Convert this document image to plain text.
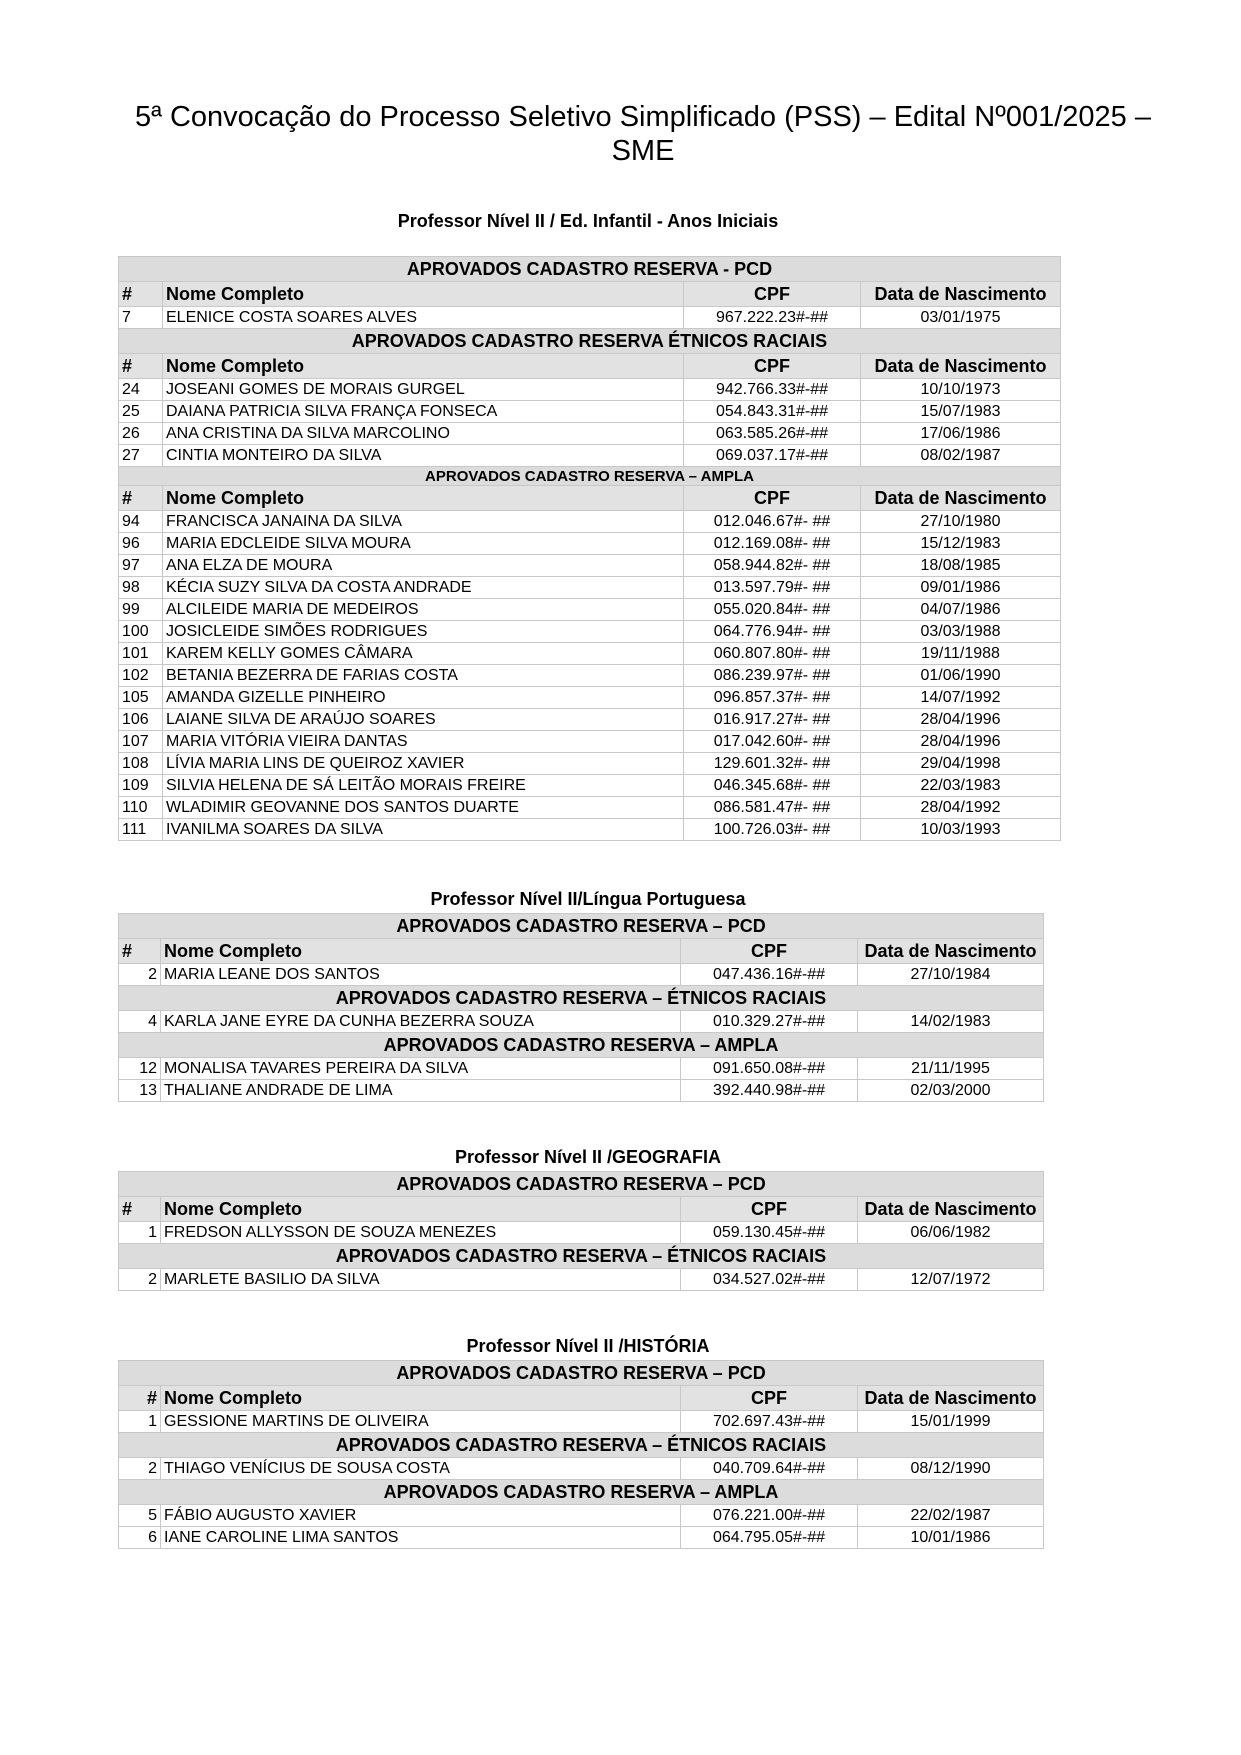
5ª Convocação do Processo Seletivo Simplificado (PSS) – Edital Nº001/2025 – SME
Professor Nível II / Ed. Infantil - Anos Iniciais
APROVADOS CADASTRO RESERVA - PCD			
#	Nome Completo	CPF	Data de Nascimento
7	ELENICE COSTA SOARES ALVES	967.222.23#-##	03/01/1975
APROVADOS CADASTRO RESERVA ÉTNICOS RACIAIS			
#	Nome Completo	CPF	Data de Nascimento
24	JOSEANI GOMES DE MORAIS GURGEL	942.766.33#-##	10/10/1973
25	DAIANA PATRICIA SILVA FRANÇA FONSECA	054.843.31#-##	15/07/1983
26	ANA CRISTINA DA SILVA MARCOLINO	063.585.26#-##	17/06/1986
27	CINTIA MONTEIRO DA SILVA	069.037.17#-##	08/02/1987
APROVADOS CADASTRO RESERVA – AMPLA			
#	Nome Completo	CPF	Data de Nascimento
94	FRANCISCA JANAINA DA SILVA	012.046.67#- ##	27/10/1980
96	MARIA EDCLEIDE SILVA MOURA	012.169.08#- ##	15/12/1983
97	ANA ELZA DE MOURA	058.944.82#- ##	18/08/1985
98	KÉCIA SUZY SILVA DA COSTA ANDRADE	013.597.79#- ##	09/01/1986
99	ALCILEIDE MARIA DE MEDEIROS	055.020.84#- ##	04/07/1986
100	JOSICLEIDE SIMÕES RODRIGUES	064.776.94#- ##	03/03/1988
101	KAREM KELLY GOMES CÂMARA	060.807.80#- ##	19/11/1988
102	BETANIA BEZERRA DE FARIAS COSTA	086.239.97#- ##	01/06/1990
105	AMANDA GIZELLE PINHEIRO	096.857.37#- ##	14/07/1992
106	LAIANE SILVA DE ARAÚJO SOARES	016.917.27#- ##	28/04/1996
107	MARIA VITÓRIA VIEIRA DANTAS	017.042.60#- ##	28/04/1996
108	LÍVIA MARIA LINS DE QUEIROZ XAVIER	129.601.32#- ##	29/04/1998
109	SILVIA HELENA DE SÁ LEITÃO MORAIS FREIRE	046.345.68#- ##	22/03/1983
110	WLADIMIR GEOVANNE DOS SANTOS DUARTE	086.581.47#- ##	28/04/1992
111	IVANILMA SOARES DA SILVA	100.726.03#- ##	10/03/1993
Professor Nível II/Língua Portuguesa
APROVADOS CADASTRO RESERVA – PCD			
#	Nome Completo	CPF	Data de Nascimento
2	MARIA LEANE DOS SANTOS	047.436.16#-##	27/10/1984
APROVADOS CADASTRO RESERVA – ÉTNICOS RACIAIS			
4	KARLA JANE EYRE DA CUNHA BEZERRA SOUZA	010.329.27#-##	14/02/1983
APROVADOS CADASTRO RESERVA – AMPLA			
12	MONALISA TAVARES PEREIRA DA SILVA	091.650.08#-##	21/11/1995
13	THALIANE ANDRADE DE LIMA	392.440.98#-##	02/03/2000
Professor Nível II /GEOGRAFIA
APROVADOS CADASTRO RESERVA – PCD			
#	Nome Completo	CPF	Data de Nascimento
1	FREDSON ALLYSSON DE SOUZA MENEZES	059.130.45#-##	06/06/1982
APROVADOS CADASTRO RESERVA – ÉTNICOS RACIAIS			
2	MARLETE BASILIO DA SILVA	034.527.02#-##	12/07/1972
Professor Nível II /HISTÓRIA
APROVADOS CADASTRO RESERVA – PCD			
#	Nome Completo	CPF	Data de Nascimento
1	GESSIONE MARTINS DE OLIVEIRA	702.697.43#-##	15/01/1999
APROVADOS CADASTRO RESERVA – ÉTNICOS RACIAIS			
2	THIAGO VENÍCIUS DE SOUSA COSTA	040.709.64#-##	08/12/1990
APROVADOS CADASTRO RESERVA – AMPLA			
5	FÁBIO AUGUSTO XAVIER	076.221.00#-##	22/02/1987
6	IANE CAROLINE LIMA SANTOS	064.795.05#-##	10/01/1986
